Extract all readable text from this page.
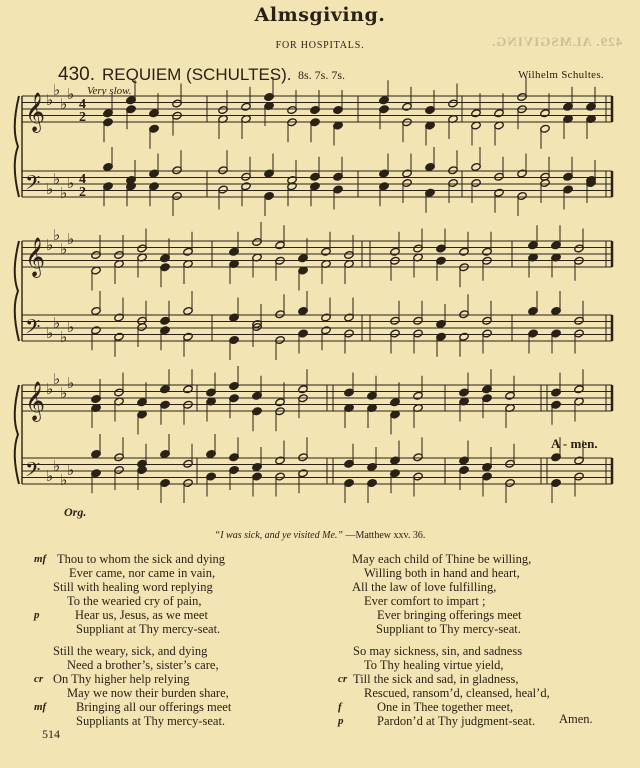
Almsgiving.
429. ALMSGIVING.
FOR HOSPITALS.
430. REQUIEM (SCHULTES). 8s. 7s. 7s.	Wilhelm Schultes.
Very slow.
𝄞
𝄢
♭
♭
♭
♭
♭
♭
♭
♭
4
4
2
2
𝄞
𝄢
♭
♭
♭
♭
♭
♭
♭
♭
𝄞
𝄢
♭
♭
♭
♭
♭
♭
♭
♭
A - men.
Org.
“I was sick, and ye visited Me.” —Matthew xxv. 36.
Thou to whom the sick and dying
mf
Ever came, nor came in vain,
Still with healing word replying
To the wearied cry of pain,
Hear us, Jesus, as we meet
p
Suppliant at Thy mercy-seat.
Still the weary, sick, and dying
Need a brother’s, sister’s care,
On Thy higher help relying
cr
May we now their burden share,
Bringing all our offerings meet
mf
Suppliants at Thy mercy-seat.
May each child of Thine be willing,
Willing both in hand and heart,
All the law of love fulfilling,
Ever comfort to impart ;
Ever bringing offerings meet
Suppliant to Thy mercy-seat.
So may sickness, sin, and sadness
To Thy healing virtue yield,
Till the sick and sad, in gladness,
cr
Rescued, ransom’d, cleansed, heal’d,
One in Thee together meet,
f
Pardon’d at Thy judgment-seat.
p	Amen.
514
